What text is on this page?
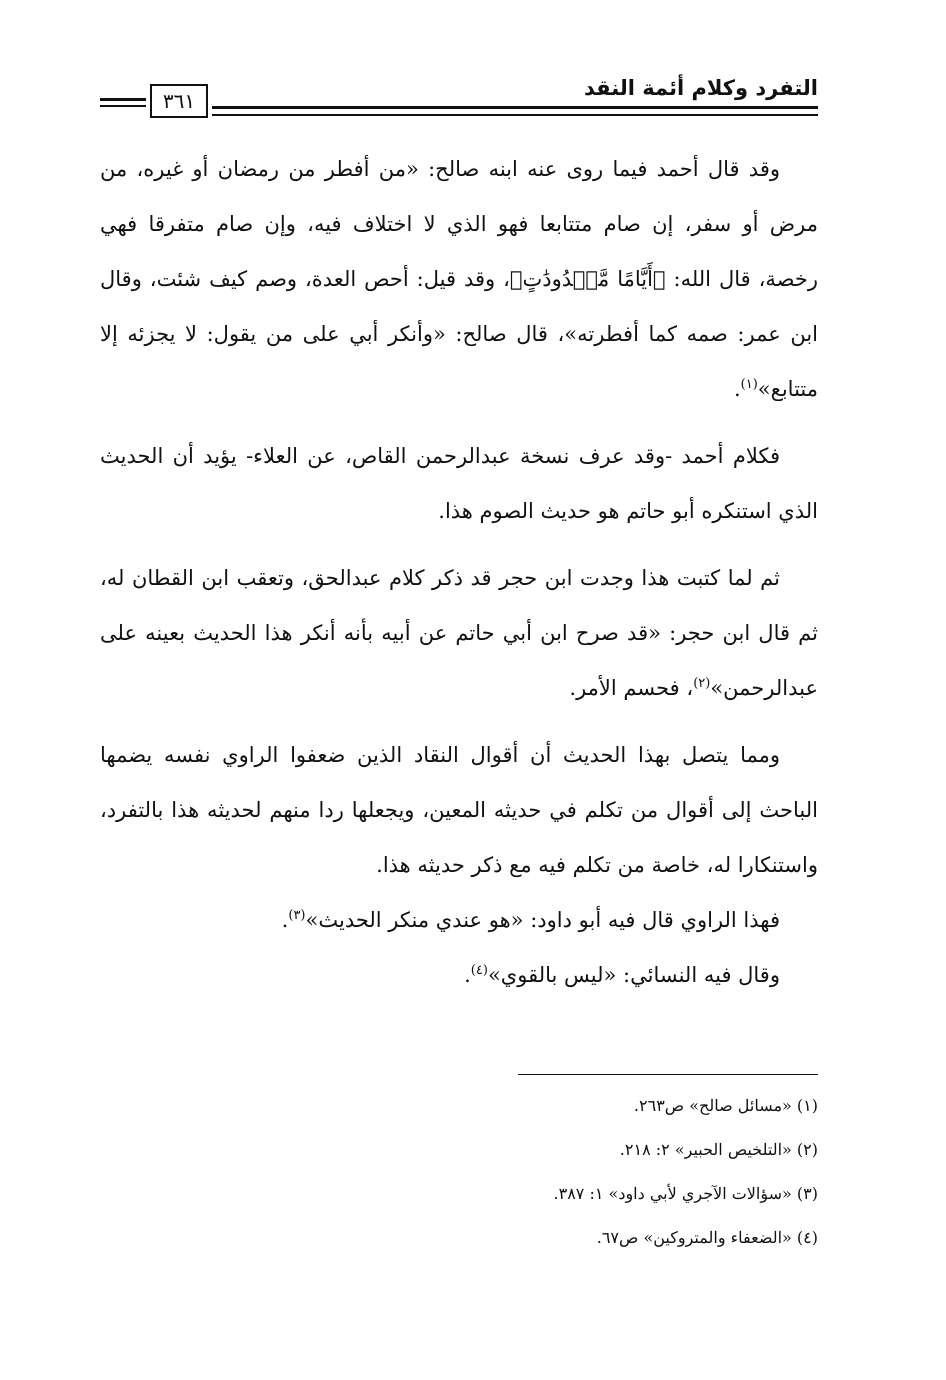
التفرد وكلام أئمة النقد
٣٦١

وقد قال أحمد فيما روى عنه ابنه صالح: «من أفطر من رمضان أو غيره، من مرض أو سفر، إن صام متتابعا فهو الذي لا اختلاف فيه، وإن صام متفرقا فهي رخصة، قال الله: ﴿أَيَّامًا مَّعۡدُودَٰتٍ﴾، وقد قيل: أحص العدة، وصم كيف شئت، وقال ابن عمر: صمه كما أفطرته»، قال صالح: «وأنكر أبي على من يقول: لا يجزئه إلا متتابع»$^{(١)}$.

فكلام أحمد -وقد عرف نسخة عبدالرحمن القاص، عن العلاء- يؤيد أن الحديث الذي استنكره أبو حاتم هو حديث الصوم هذا.

ثم لما كتبت هذا وجدت ابن حجر قد ذكر كلام عبدالحق، وتعقب ابن القطان له، ثم قال ابن حجر: «قد صرح ابن أبي حاتم عن أبيه بأنه أنكر هذا الحديث بعينه على عبدالرحمن»$^{(٢)}$، فحسم الأمر.

ومما يتصل بهذا الحديث أن أقوال النقاد الذين ضعفوا الراوي نفسه يضمها الباحث إلى أقوال من تكلم في حديثه المعين، ويجعلها ردا منهم لحديثه هذا بالتفرد، واستنكارا له، خاصة من تكلم فيه مع ذكر حديثه هذا.

فهذا الراوي قال فيه أبو داود: «هو عندي منكر الحديث»$^{(٣)}$.

وقال فيه النسائي: «ليس بالقوي»$^{(٤)}$.

(١) «مسائل صالح» ص٢٦٣.
(٢) «التلخيص الحبير» ٢: ٢١٨.
(٣) «سؤالات الآجري لأبي داود» ١: ٣٨٧.
(٤) «الضعفاء والمتروكين» ص٦٧.
